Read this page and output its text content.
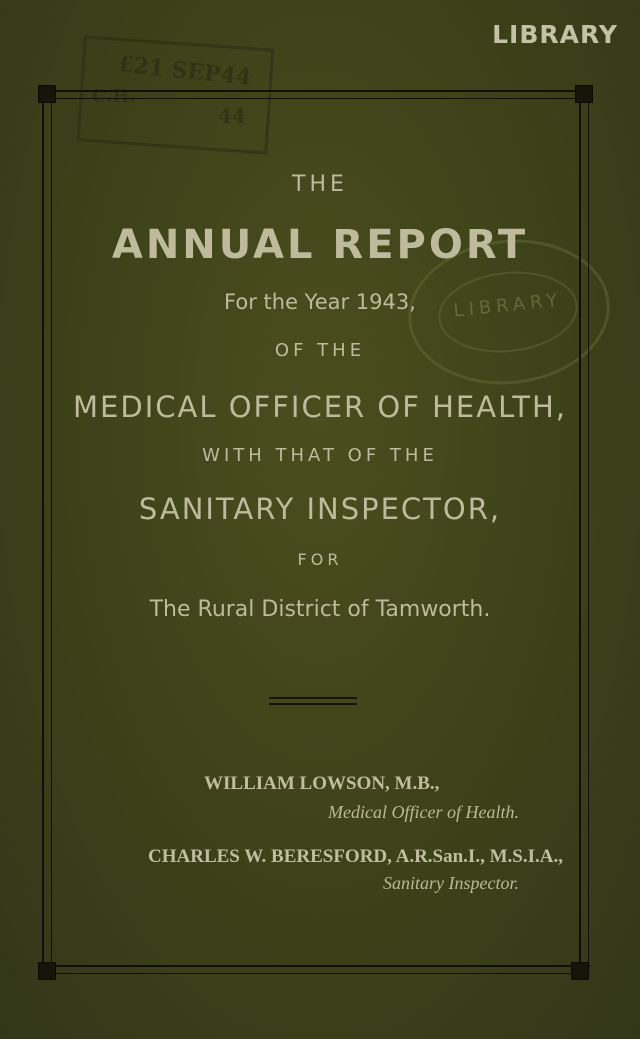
LIBRARY
£21 SEP44
C.H.
44
LIBRARY
THE
ANNUAL REPORT
For the Year 1943,
OF THE
MEDICAL OFFICER OF HEALTH,
WITH THAT OF THE
SANITARY INSPECTOR,
FOR
The Rural District of Tamworth.
WILLIAM LOWSON, M.B.,
Medical Officer of Health.
CHARLES W. BERESFORD, A.R.San.I., M.S.I.A.,
Sanitary Inspector.
